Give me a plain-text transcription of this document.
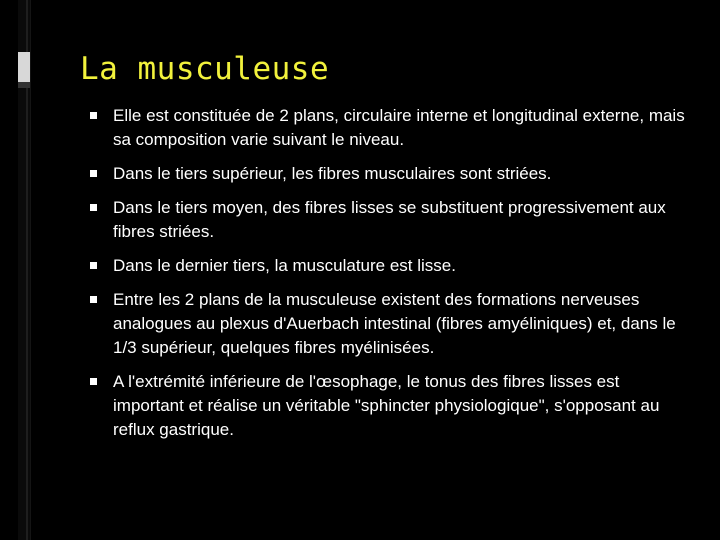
La musculeuse
Elle est constituée de 2 plans, circulaire interne et longitudinal externe, mais sa composition varie suivant le niveau.
Dans le tiers supérieur, les fibres musculaires sont striées.
Dans le tiers moyen, des fibres lisses se substituent progressivement aux fibres striées.
Dans le dernier tiers, la musculature est lisse.
Entre les 2 plans de la musculeuse existent des formations nerveuses analogues au plexus d'Auerbach intestinal (fibres amyéliniques) et, dans le 1/3 supérieur, quelques fibres myélinisées.
A l'extrémité inférieure de l'œsophage, le tonus des fibres lisses est important et réalise un véritable "sphincter physiologique", s'opposant au reflux gastrique.
